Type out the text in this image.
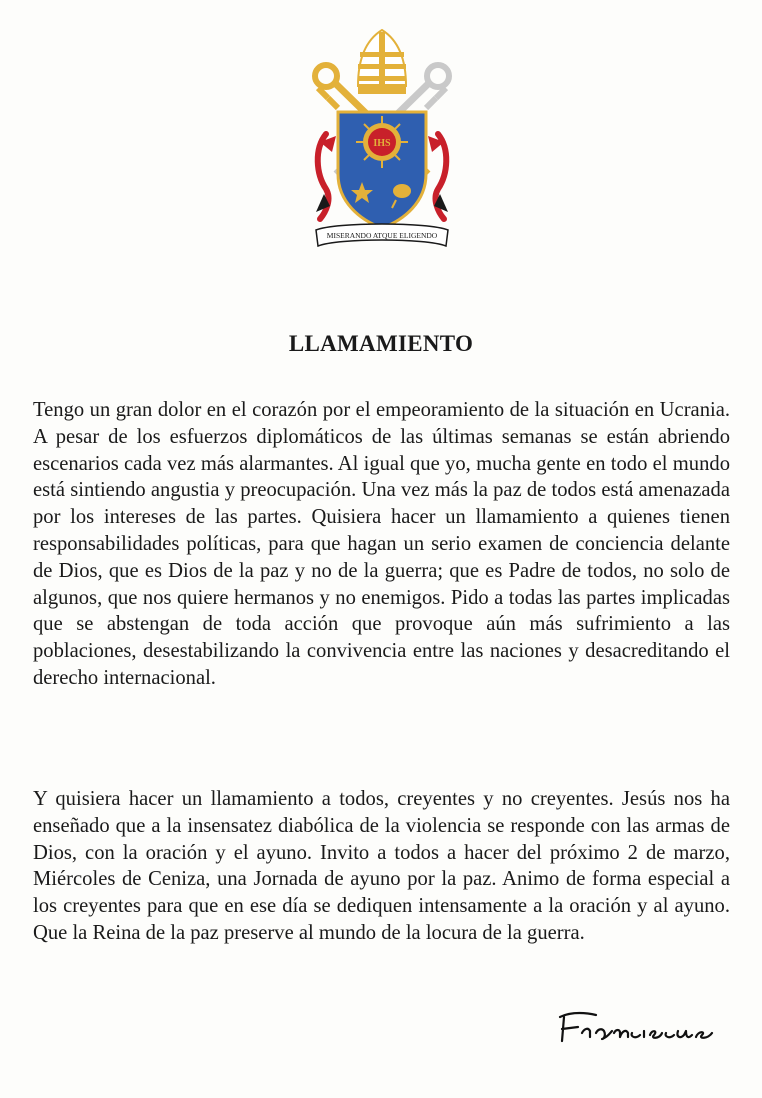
IHS
MISERANDO ATQUE ELIGENDO
LLAMAMIENTO

Tengo un gran dolor en el corazón por el empeoramiento de la situación en Ucrania. A pesar de los esfuerzos diplomáticos de las últimas semanas se están abriendo escenarios cada vez más alarmantes. Al igual que yo, mucha gente en todo el mundo está sintiendo angustia y preocupación. Una vez más la paz de todos está amenazada por los intereses de las partes. Quisiera hacer un llamamiento a quienes tienen responsabilidades políticas, para que hagan un serio examen de conciencia delante de Dios, que es Dios de la paz y no de la guerra; que es Padre de todos, no solo de algunos, que nos quiere hermanos y no enemigos. Pido a todas las partes implicadas que se abstengan de toda acción que provoque aún más sufrimiento a las poblaciones, desestabilizando la convivencia entre las naciones y desacreditando el derecho internacional.

Y quisiera hacer un llamamiento a todos, creyentes y no creyentes. Jesús nos ha enseñado que a la insensatez diabólica de la violencia se responde con las armas de Dios, con la oración y el ayuno. Invito a todos a hacer del próximo 2 de marzo, Miércoles de Ceniza, una Jornada de ayuno por la paz. Animo de forma especial a los creyentes para que en ese día se dediquen intensamente a la oración y al ayuno. Que la Reina de la paz preserve al mundo de la locura de la guerra.
